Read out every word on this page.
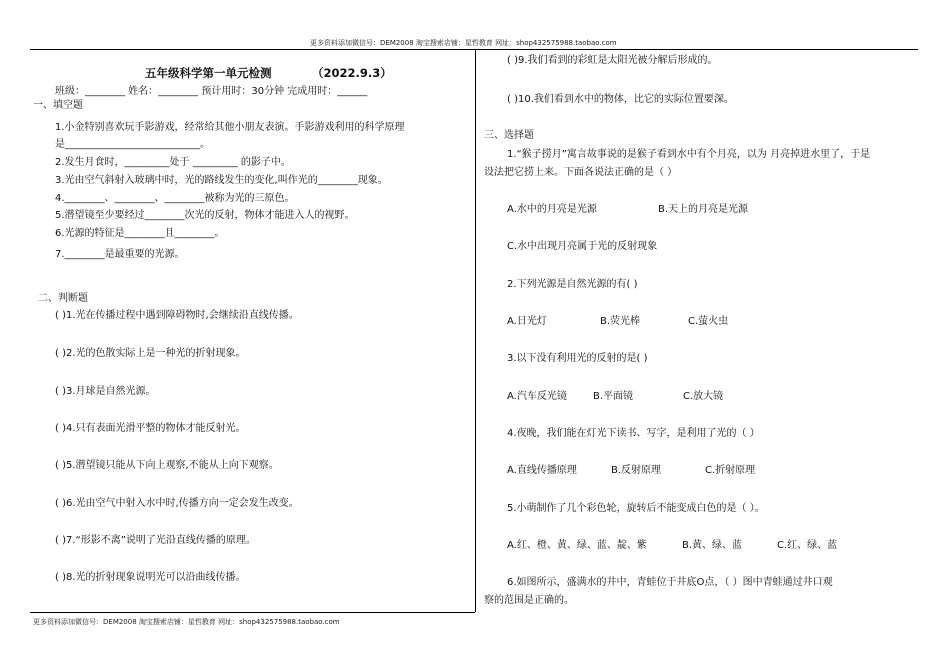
更多资料添加微信号：DEM2008 淘宝搜索店铺：星哲教育 网址：shop432575988.taobao.com
更多资料添加微信号：DEM2008 淘宝搜索店铺：星哲教育 网址：shop432575988.taobao.com
五年级科学第一单元检测	（2022.9.3）
班级：________ 姓名：________ 预计用时：30分钟 完成用时：______
一、填空题
1.小金特别喜欢玩手影游戏，经常给其他小朋友表演。手影游戏利用的科学原理
是___________________________。
2.发生月食时，_________处于 _________ 的影子中。
3.光由空气斜射入玻璃中时，光的路线发生的变化,叫作光的________现象。
4.________、________、________被称为光的三原色。
5.潜望镜至少要经过________次光的反射，物体才能进入人的视野。
6.光源的特征是________且________。
7.________是最重要的光源。
二、判断题
( )1.光在传播过程中遇到障碍物时,会继续沿直线传播。
( )2.光的色散实际上是一种光的折射现象。
( )3.月球是自然光源。
( )4.只有表面光滑平整的物体才能反射光。
( )5.潜望镜只能从下向上观察,不能从上向下观察。
( )6.光由空气中射入水中时,传播方向一定会发生改变。
( )7.“形影不离”说明了光沿直线传播的原理。
( )8.光的折射现象说明光可以沿曲线传播。
( )9.我们看到的彩虹是太阳光被分解后形成的。
( )10.我们看到水中的物体，比它的实际位置要深。
三、选择题
1.“猴子捞月”寓言故事说的是猴子看到水中有个月亮，以为 月亮掉进水里了，于是
设法把它捞上来。下面各说法正确的是（ ）
A.水中的月亮是光源	B.天上的月亮是光源
C.水中出现月亮属于光的反射现象
2.下列光源是自然光源的有( )
A.日光灯	B.荧光棒	C.萤火虫
3.以下没有利用光的反射的是( )
A.汽车反光镜	B.平面镜	C.放大镜
4.夜晚，我们能在灯光下读书、写字，是利用了光的（ ）
A.直线传播原理	B.反射原理	C.折射原理
5.小萌制作了几个彩色轮，旋转后不能变成白色的是（ ）。
A.红、橙、黄、绿、蓝、靛、紫	B.黄、绿、蓝	C.红、绿、蓝
6.如图所示，盛满水的井中，青蛙位于井底O点，（ ）图中青蛙通过井口观
察的范围是正确的。
